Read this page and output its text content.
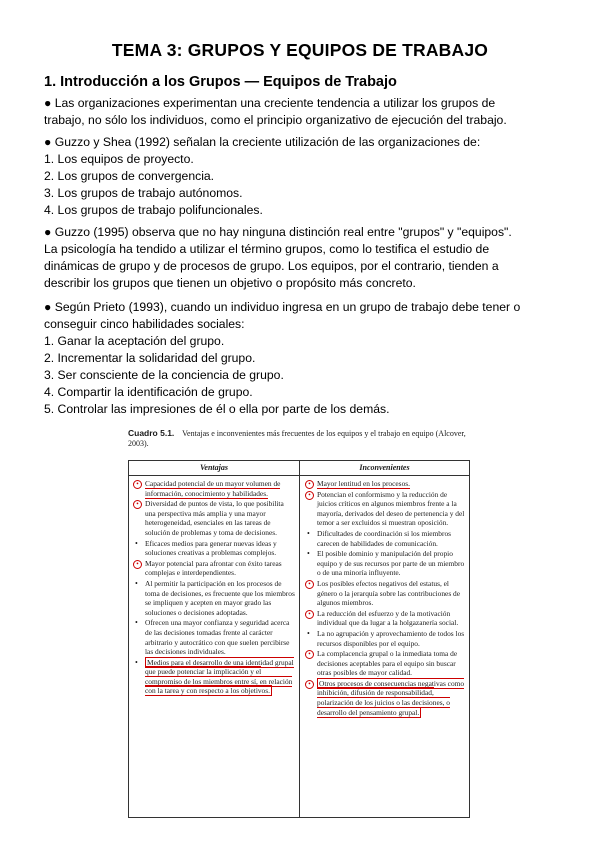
TEMA 3: GRUPOS Y EQUIPOS DE TRABAJO
1. Introducción a los Grupos — Equipos de Trabajo
● Las organizaciones experimentan una creciente tendencia a utilizar los grupos de
trabajo, no sólo los individuos, como el principio organizativo de ejecución del trabajo.
● Guzzo y Shea (1992) señalan la creciente utilización de las organizaciones de:
1. Los equipos de proyecto.
2. Los grupos de convergencia.
3. Los grupos de trabajo autónomos.
4. Los grupos de trabajo polifuncionales.
● Guzzo (1995) observa que no hay ninguna distinción real entre "grupos" y "equipos".
La psicología ha tendido a utilizar el término grupos, como lo testifica el estudio de
dinámicas de grupo y de procesos de grupo. Los equipos, por el contrario, tienden a
describir los grupos que tienen un objetivo o propósito más concreto.
● Según Prieto (1993), cuando un individuo ingresa en un grupo de trabajo debe tener o
conseguir cinco habilidades sociales:
1. Ganar la aceptación del grupo.
2. Incrementar la solidaridad del grupo.
3. Ser consciente de la conciencia de grupo.
4. Compartir la identificación de grupo.
5. Controlar las impresiones de él o ella por parte de los demás.
Cuadro 5.1. Ventajas e inconvenientes más frecuentes de los equipos y el trabajo en equipo (Alcover, 2003).
Ventajas	Inconvenientes
• Capacidad potencial de un mayor volumen de información, conocimiento y habilidades.
• Diversidad de puntos de vista, lo que posibilita una perspectiva más amplia y una mayor heterogeneidad, esenciales en las tareas de solución de problemas y toma de decisiones.
• Eficaces medios para generar nuevas ideas y soluciones creativas a problemas complejos.
• Mayor potencial para afrontar con éxito tareas complejas e interdependientes.
• Al permitir la participación en los procesos de toma de decisiones, es frecuente que los miembros se impliquen y acepten en mayor grado las soluciones o decisiones adoptadas.
• Ofrecen una mayor confianza y seguridad acerca de las decisiones tomadas frente al carácter arbitrario y autocrático con que suelen percibirse las decisiones individuales.
• Medios para el desarrollo de una identidad grupal que puede potenciar la implicación y el compromiso de los miembros entre sí, en relación con la tarea y con respecto a los objetivos.
• Mayor lentitud en los procesos.
• Potencian el conformismo y la reducción de juicios críticos en algunos miembros frente a la mayoría, derivados del deseo de pertenencia y del temor a ser excluidos si muestran oposición.
• Dificultades de coordinación si los miembros carecen de habilidades de comunicación.
• El posible dominio y manipulación del propio equipo y de sus recursos por parte de un miembro o de una minoría influyente.
• Los posibles efectos negativos del estatus, el género o la jerarquía sobre las contribuciones de algunos miembros.
• La reducción del esfuerzo y de la motivación individual que da lugar a la holgazanería social.
• La no agrupación y aprovechamiento de todos los recursos disponibles por el equipo.
• La complacencia grupal o la inmediata toma de decisiones aceptables para el equipo sin buscar otras posibles de mayor calidad.
•	Otros procesos de consecuencias negativas como inhibición, difusión de responsabilidad, polarización de los juicios o las decisiones, o desarrollo del pensamiento grupal.
